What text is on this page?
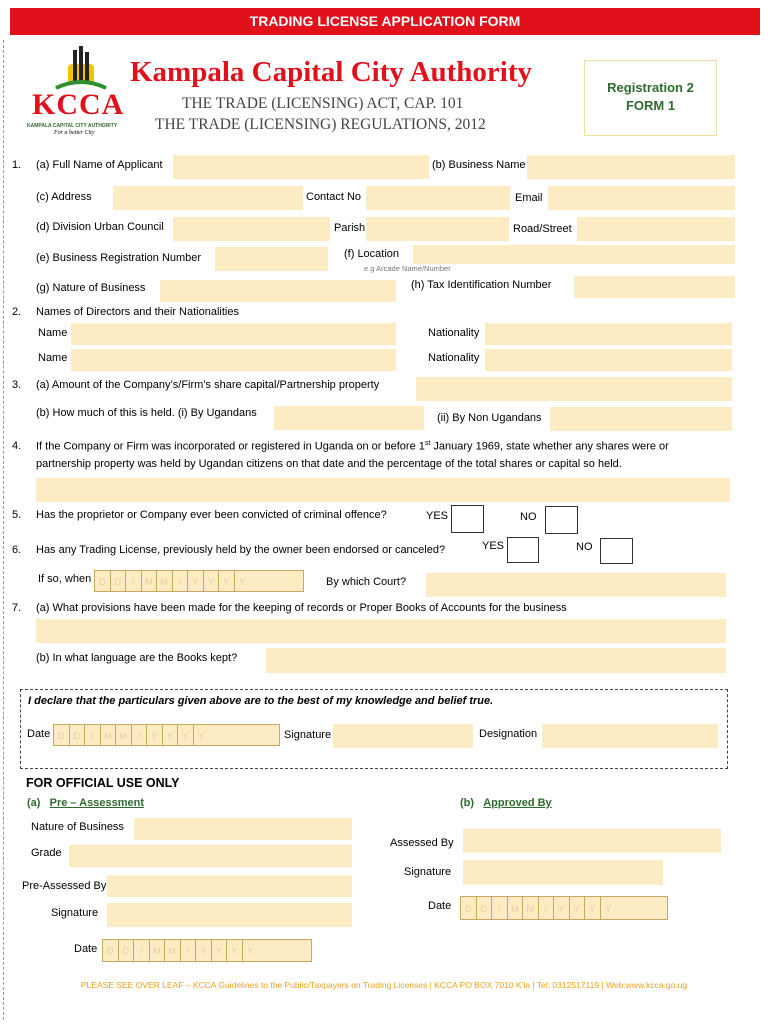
TRADING LICENSE APPLICATION FORM
KCCA
KAMPALA CAPITAL CITY AUTHORITY
For a better City
Kampala Capital City Authority
THE TRADE (LICENSING) ACT, CAP. 101
THE TRADE (LICENSING) REGULATIONS, 2012
Registration 2
FORM 1
1. (a) Full Name of Applicant	(b) Business Name
(c) Address	Contact No	Email
(d) Division Urban Council	Parish	Road/Street
(e) Business Registration Number	(f) Location
e.g Arcade Name/Number
(g) Nature of Business	(h) Tax Identification Number
2. Names of Directors and their Nationalities
Name	Nationality
Name	Nationality
3. (a) Amount of the Company’s/Firm’s share capital/Partnership property
(b) How much of this is held. (i) By Ugandans	(ii) By Non Ugandans
4. If the Company or Firm was incorporated or registered in Uganda on or before 1st January 1969, state whether any shares were or
partnership property was held by Ugandan citizens on that date and the percentage of the total shares or capital so held.
5. Has the proprietor or Company ever been convicted of criminal offence?	YES	NO
6. Has any Trading License, previously held by the owner been endorsed or canceled?	YES	NO
If so, when D	D	/	M M	/	Y	Y	Y	Y	By which Court?
7. (a) What provisions have been made for the keeping of records or Proper Books of Accounts for the business
(b) In what language are the Books kept?
I declare that the particulars given above are to the best of my knowledge and belief true.
Date D	D	/	M M	/	Y	Y	Y	Y	Signature	Designation
FOR OFFICIAL USE ONLY
(a) Pre – Assessment	(b) Approved By
Nature of Business
Grade
Pre-Assessed By
Signature
Date	D	D	/	M M	/	Y	Y	Y	Y
Assessed By
Signature
Date	D	D	/	M M	/	Y	Y	Y	Y
PLEASE SEE OVER LEAF – KCCA Guidelines to the Public/Taxpayers on Trading Licenses | KCCA PO BOX 7010 K’la | Tel: 0312517119 | Web:www.kcca.go.ug
